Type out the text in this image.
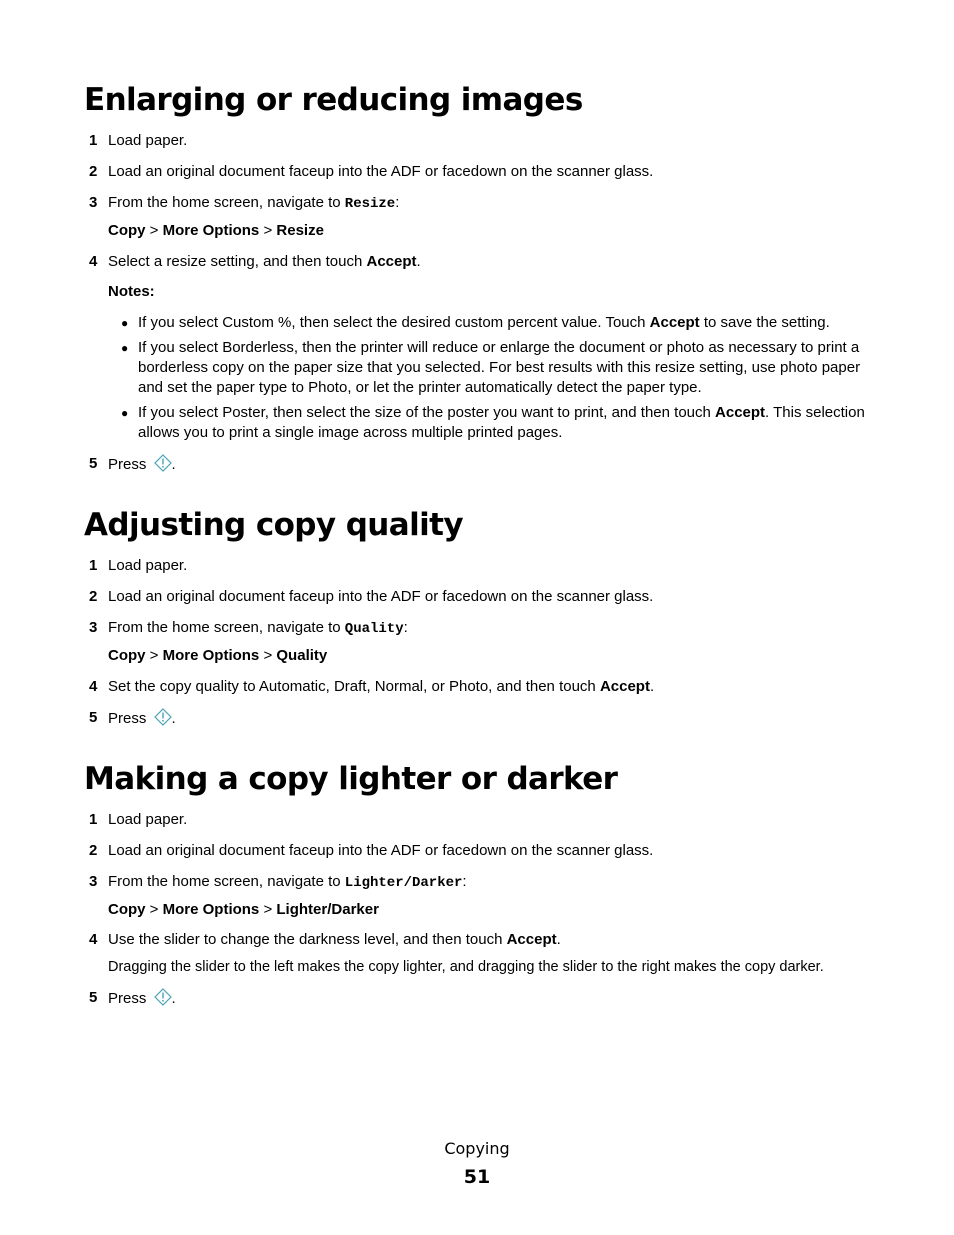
Enlarging or reducing images
1 Load paper.
2 Load an original document faceup into the ADF or facedown on the scanner glass.
3 From the home screen, navigate to Resize:
Copy > More Options > Resize
4 Select a resize setting, and then touch Accept.
Notes:
● If you select Custom %, then select the desired custom percent value. Touch Accept to save the setting.
● If you select Borderless, then the printer will reduce or enlarge the document or photo as necessary to print a borderless copy on the paper size that you selected. For best results with this resize setting, use photo paper and set the paper type to Photo, or let the printer automatically detect the paper type.
● If you select Poster, then select the size of the poster you want to print, and then touch Accept. This selection allows you to print a single image across multiple printed pages.
5 Press .
Adjusting copy quality
1 Load paper.
2 Load an original document faceup into the ADF or facedown on the scanner glass.
3 From the home screen, navigate to Quality:
Copy > More Options > Quality
4 Set the copy quality to Automatic, Draft, Normal, or Photo, and then touch Accept.
5 Press .
Making a copy lighter or darker
1 Load paper.
2 Load an original document faceup into the ADF or facedown on the scanner glass.
3 From the home screen, navigate to Lighter/Darker:
Copy > More Options > Lighter/Darker
4 Use the slider to change the darkness level, and then touch Accept.
Dragging the slider to the left makes the copy lighter, and dragging the slider to the right makes the copy darker.
5 Press .
Copying
51
